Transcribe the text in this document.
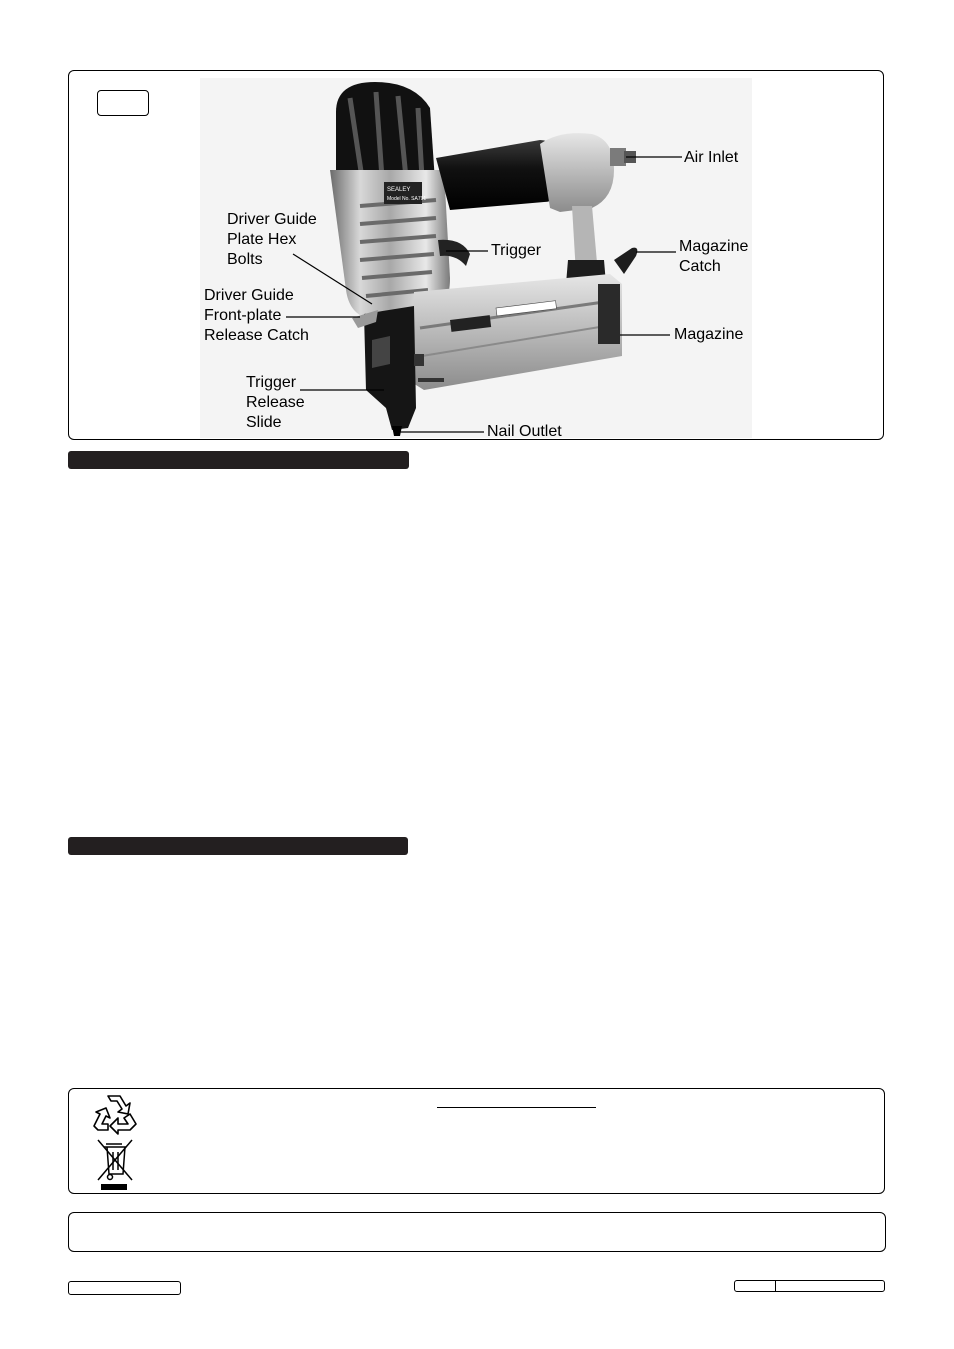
SEALEY
Model No. SA791
Air Inlet
Trigger	Magazine
Catch
Magazine
Driver Guide
Plate Hex
Bolts
Driver Guide
Front-plate
Release Catch
Trigger
Release
Slide
Nail Outlet
